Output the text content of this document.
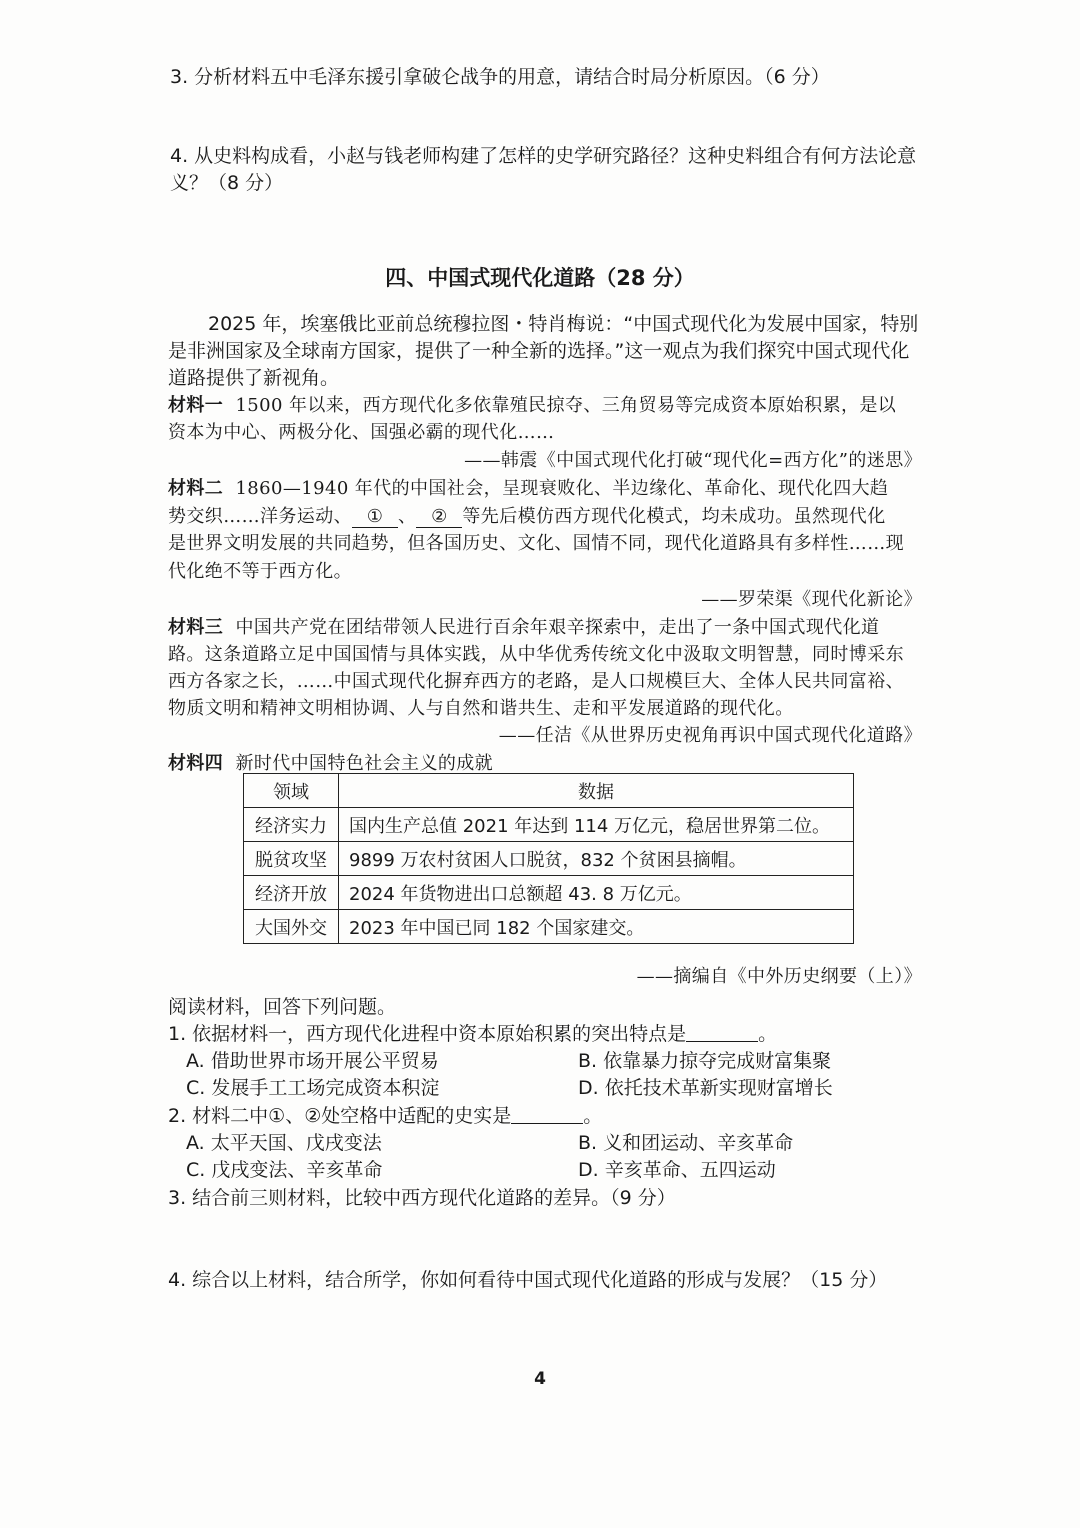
3. 分析材料五中毛泽东援引拿破仑战争的用意，请结合时局分析原因。（6 分）
4. 从史料构成看，小赵与钱老师构建了怎样的史学研究路径？这种史料组合有何方法论意
义？（8 分）
四、中国式现代化道路（28 分）
2025 年，埃塞俄比亚前总统穆拉图・特肖梅说：“中国式现代化为发展中国家，特别
是非洲国家及全球南方国家，提供了一种全新的选择。”这一观点为我们探究中国式现代化
道路提供了新视角。
材料一 1500 年以来，西方现代化多依靠殖民掠夺、三角贸易等完成资本原始积累，是以
资本为中心、两极分化、国强必霸的现代化……
——韩震《中国式现代化打破“现代化=西方化”的迷思》
材料二 1860—1940 年代的中国社会，呈现衰败化、半边缘化、革命化、现代化四大趋
势交织……洋务运动、 ① 、 ② 等先后模仿西方现代化模式，均未成功。虽然现代化
是世界文明发展的共同趋势，但各国历史、文化、国情不同，现代化道路具有多样性……现
代化绝不等于西方化。
——罗荣渠《现代化新论》
材料三 中国共产党在团结带领人民进行百余年艰辛探索中，走出了一条中国式现代化道
路。这条道路立足中国国情与具体实践，从中华优秀传统文化中汲取文明智慧，同时博采东
西方各家之长，……中国式现代化摒弃西方的老路，是人口规模巨大、全体人民共同富裕、
物质文明和精神文明相协调、人与自然和谐共生、走和平发展道路的现代化。
——任洁《从世界历史视角再识中国式现代化道路》
材料四 新时代中国特色社会主义的成就
领域	数据
经济实力	国内生产总值 2021 年达到 114 万亿元，稳居世界第二位。
脱贫攻坚	9899 万农村贫困人口脱贫，832 个贫困县摘帽。
经济开放	2024 年货物进出口总额超 43. 8 万亿元。
大国外交	2023 年中国已同 182 个国家建交。
——摘编自《中外历史纲要（上）》
阅读材料，回答下列问题。
1. 依据材料一，西方现代化进程中资本原始积累的突出特点是	。
A. 借助世界市场开展公平贸易	B. 依靠暴力掠夺完成财富集聚
C. 发展手工工场完成资本积淀	D. 依托技术革新实现财富增长
2. 材料二中①、②处空格中适配的史实是	。
A. 太平天国、戊戌变法	B. 义和团运动、辛亥革命
C. 戊戌变法、辛亥革命	D. 辛亥革命、五四运动
3. 结合前三则材料，比较中西方现代化道路的差异。（9 分）
4. 综合以上材料，结合所学，你如何看待中国式现代化道路的形成与发展？（15 分）
4
